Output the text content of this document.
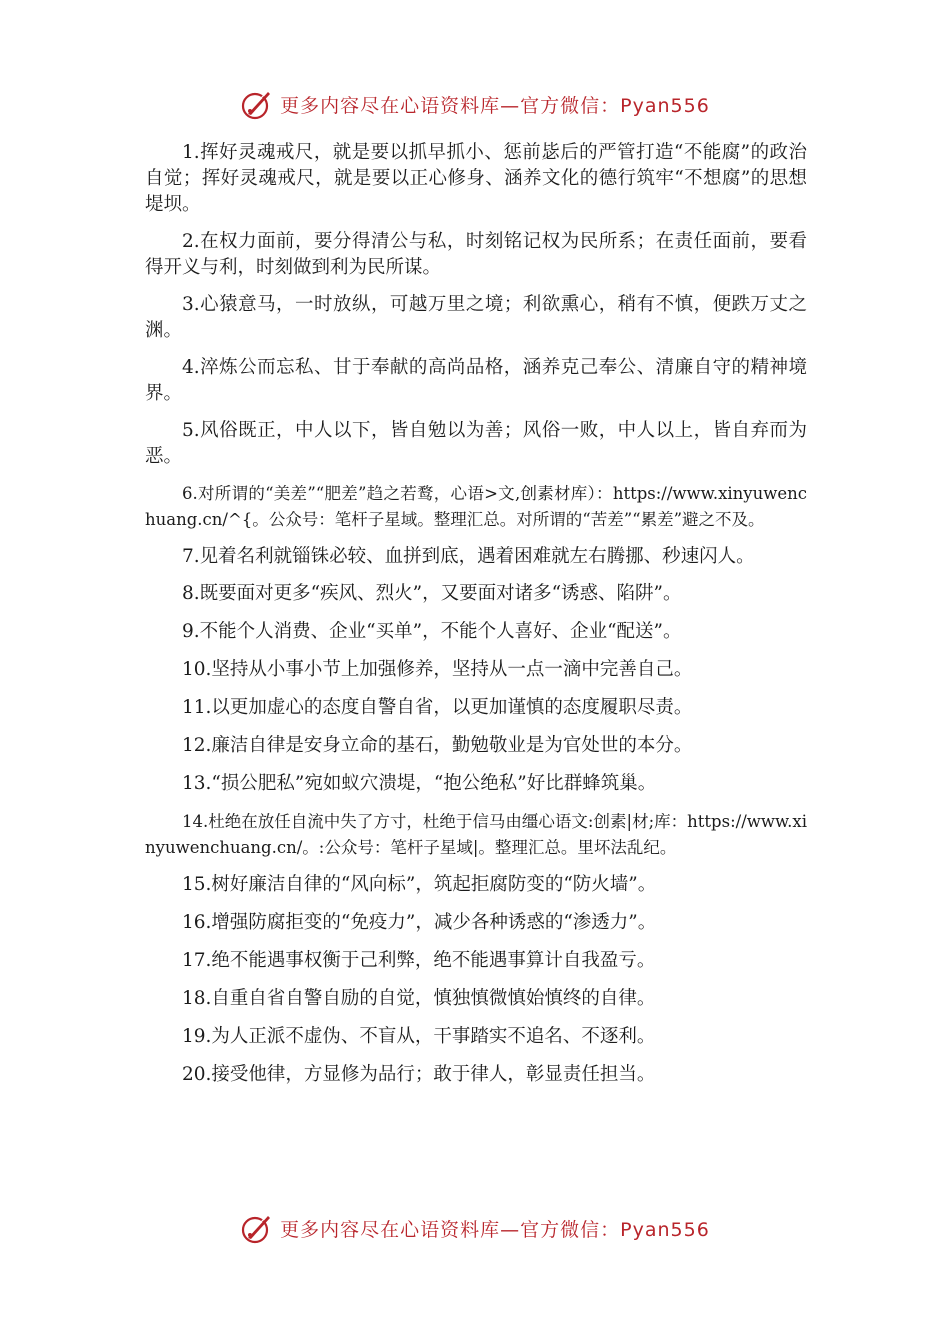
更多内容尽在心语资料库—官方微信：Pyan556

1.挥好灵魂戒尺，就是要以抓早抓小、惩前毖后的严管打造“不能腐”的政治自觉；挥好灵魂戒尺，就是要以正心修身、涵养文化的德行筑牢“不想腐”的思想堤坝。

2.在权力面前，要分得清公与私，时刻铭记权为民所系；在责任面前，要看得开义与利，时刻做到利为民所谋。

3.心猿意马，一时放纵，可越万里之境；利欲熏心，稍有不慎，便跌万丈之渊。

4.淬炼公而忘私、甘于奉献的高尚品格，涵养克己奉公、清廉自守的精神境界。

5.风俗既正，中人以下，皆自勉以为善；风俗一败，中人以上，皆自弃而为恶。

6.对所谓的“美差”“肥差”趋之若鹜，心语>文,创素材库）：https://www.xinyuwenchuang.cn/^{。公众号：笔杆子星域。整理汇总。对所谓的“苦差”“累差”避之不及。

7.见着名利就锱铢必较、血拼到底，遇着困难就左右腾挪、秒速闪人。

8.既要面对更多“疾风、烈火”，又要面对诸多“诱惑、陷阱”。

9.不能个人消费、企业“买单”，不能个人喜好、企业“配送”。

10.坚持从小事小节上加强修养，坚持从一点一滴中完善自己。

11.以更加虚心的态度自警自省，以更加谨慎的态度履职尽责。

12.廉洁自律是安身立命的基石，勤勉敬业是为官处世的本分。

13.“损公肥私”宛如蚁穴溃堤，“抱公绝私”好比群蜂筑巢。

14.杜绝在放任自流中失了方寸，杜绝于信马由缰心语文:创素|材;库：https://www.xinyuwenchuang.cn/。:公众号：笔杆子星域|。整理汇总。里坏法乱纪。

15.树好廉洁自律的“风向标”，筑起拒腐防变的“防火墙”。

16.增强防腐拒变的“免疫力”，减少各种诱惑的“渗透力”。

17.绝不能遇事权衡于己利弊，绝不能遇事算计自我盈亏。

18.自重自省自警自励的自觉，慎独慎微慎始慎终的自律。

19.为人正派不虚伪、不盲从，干事踏实不追名、不逐利。

20.接受他律，方显修为品行；敢于律人，彰显责任担当。

更多内容尽在心语资料库—官方微信：Pyan556
